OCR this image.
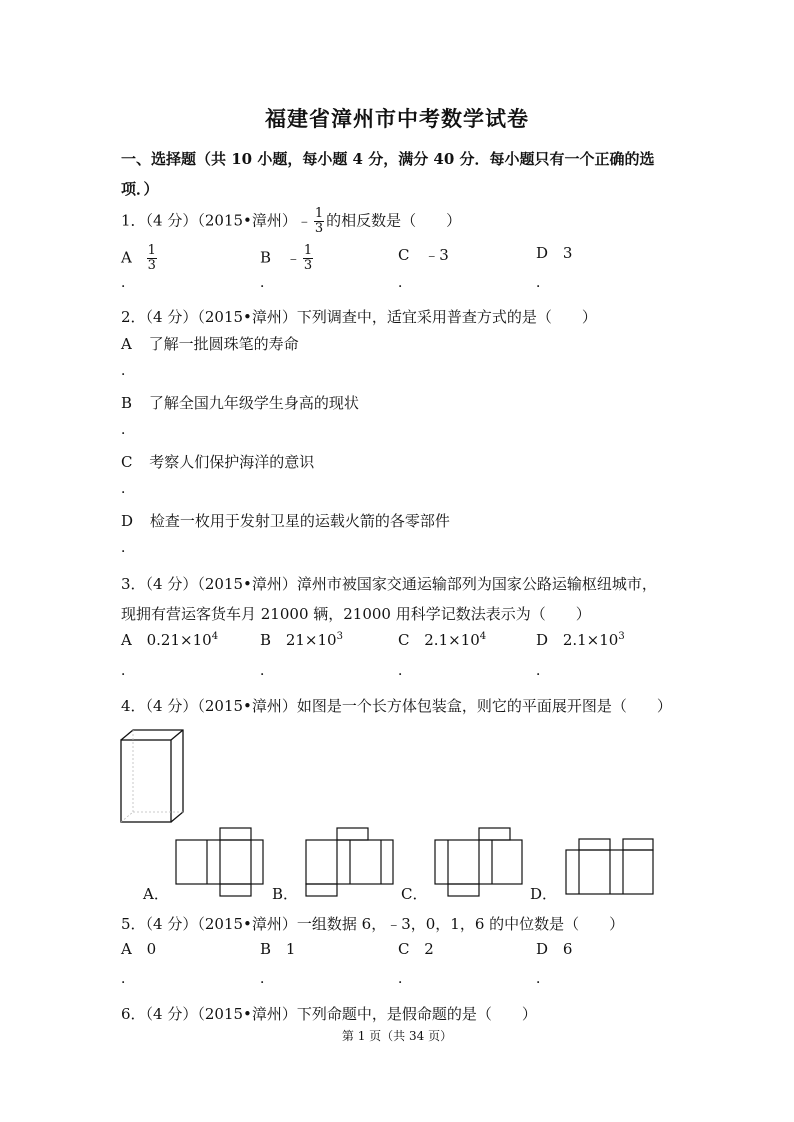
福建省漳州市中考数学试卷
一、选择题（共 10 小题，每小题 4 分，满分 40 分．每小题只有一个正确的选
项．）
1．（4 分）（2015•漳州）﹣ $\frac{1}{3}$ 的相反数是（　　）
A $\frac{1}{3}$	B ﹣ $\frac{1}{3}$	C ﹣3	D 3
．	．	．	．
2．（4 分）（2015•漳州）下列调查中，适宜采用普查方式的是（　　）
A 了解一批圆珠笔的寿命
．
B 了解全国九年级学生身高的现状
．
C 考察人们保护海洋的意识
．
D 检查一枚用于发射卫星的运载火箭的各零部件
．
3．（4 分）（2015•漳州）漳州市被国家交通运输部列为国家公路运输枢纽城市，
现拥有营运客货车月 21000 辆，21000 用科学记数法表示为（　　）
A $0.21\times 10^4$	B $21\times 10^3$	C $2.1\times 10^4$	D $2.1\times 10^3$
．	．	．	．
4．（4 分）（2015•漳州）如图是一个长方体包装盒，则它的平面展开图是（　　）
A．	B．	C．	D．
5．（4 分）（2015•漳州）一组数据 6，﹣3，0，1，6 的中位数是（　　）
A 0	B 1	C 2	D 6
．	．	．	．
6．（4 分）（2015•漳州）下列命题中，是假命题的是（　　）
第 1 页（共 34 页）
